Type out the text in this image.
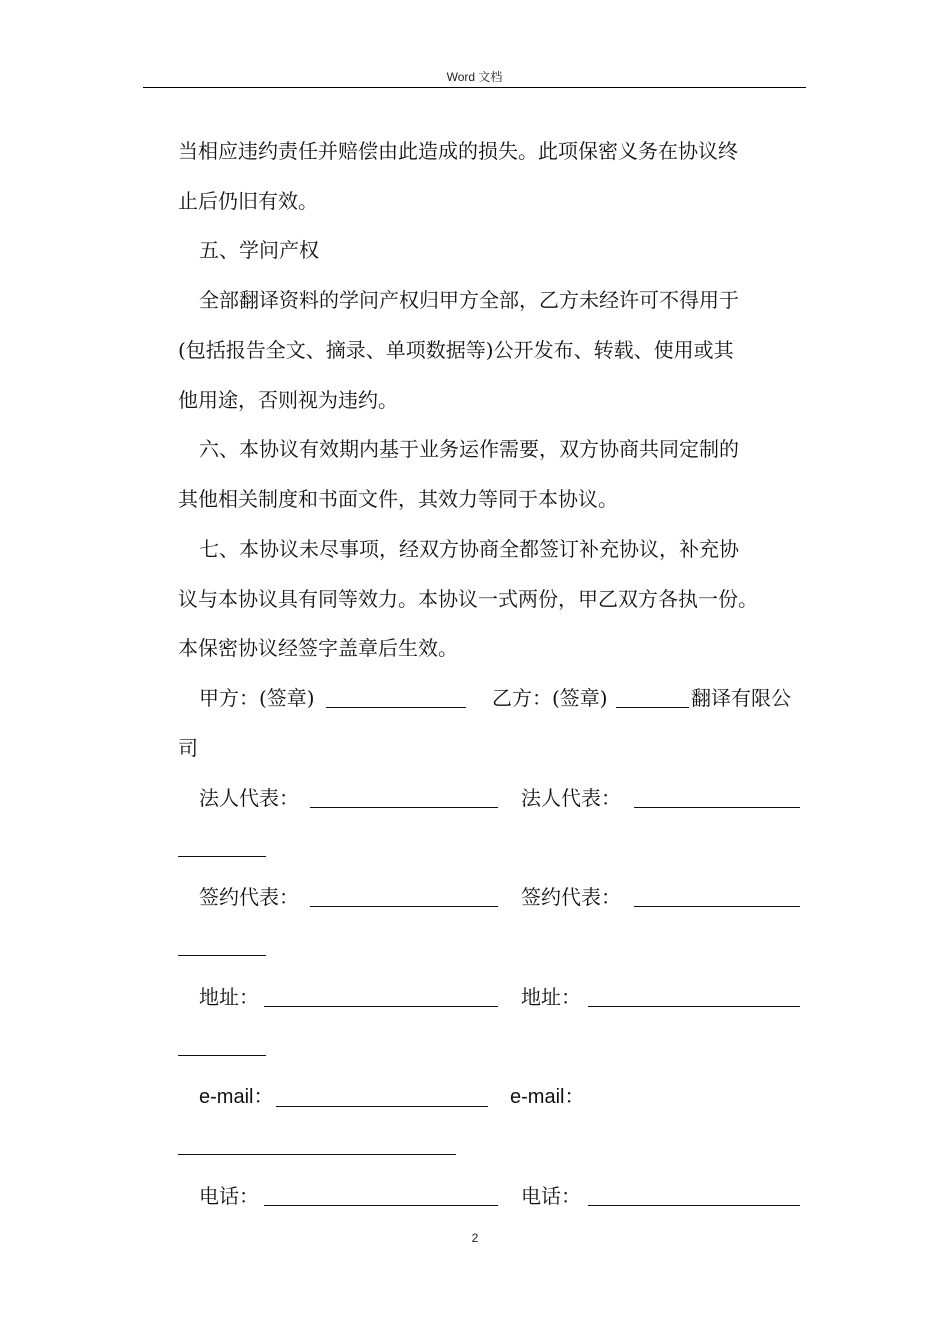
Word 文档
当相应违约责任并赔偿由此造成的损失。此项保密义务在协议终
止后仍旧有效。
五、学问产权
全部翻译资料的学问产权归甲方全部，乙方未经许可不得用于
(包括报告全文、摘录、单项数据等)公开发布、转载、使用或其
他用途，否则视为违约。
六、本协议有效期内基于业务运作需要，双方协商共同定制的
其他相关制度和书面文件，其效力等同于本协议。
七、本协议未尽事项，经双方协商全都签订补充协议，补充协
议与本协议具有同等效力。本协议一式两份，甲乙双方各执一份。
本保密协议经签字盖章后生效。
甲方：(签章)	乙方：(签章)	翻译有限公
司
法人代表：	法人代表：
签约代表：	签约代表：
地址：	地址：
e-mail：	e-mail：
电话：	电话：
2
